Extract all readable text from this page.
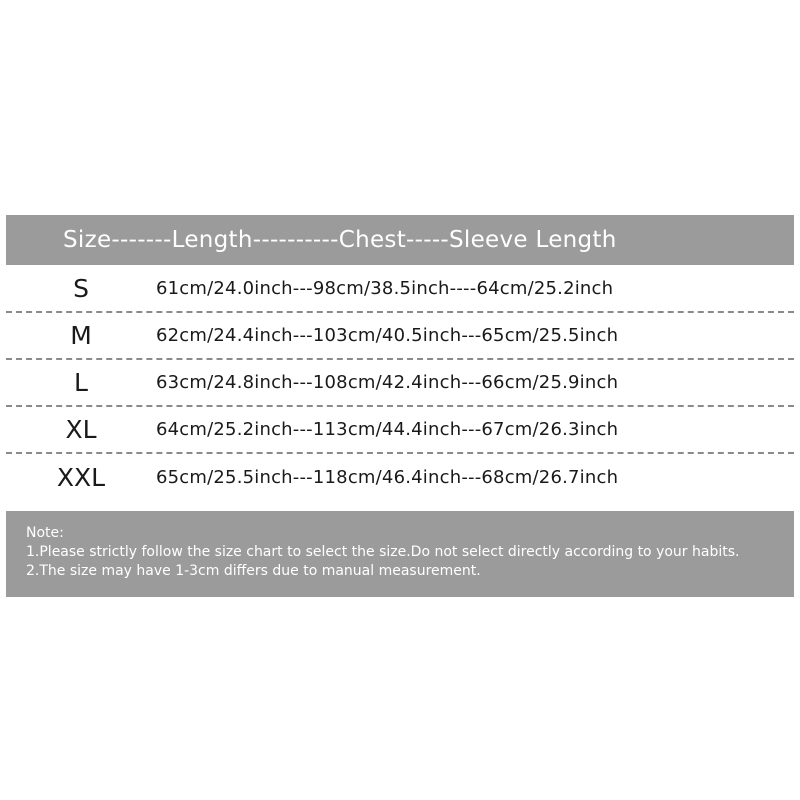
Size-------Length----------Chest-----Sleeve Length
S	61cm/24.0inch---98cm/38.5inch----64cm/25.2inch
M	62cm/24.4inch---103cm/40.5inch---65cm/25.5inch
L	63cm/24.8inch---108cm/42.4inch---66cm/25.9inch
XL	64cm/25.2inch---113cm/44.4inch---67cm/26.3inch
XXL	65cm/25.5inch---118cm/46.4inch---68cm/26.7inch
Note:
1.Please strictly follow the size chart to select the size.Do not select directly according to your habits.
2.The size may have 1-3cm differs due to manual measurement.
